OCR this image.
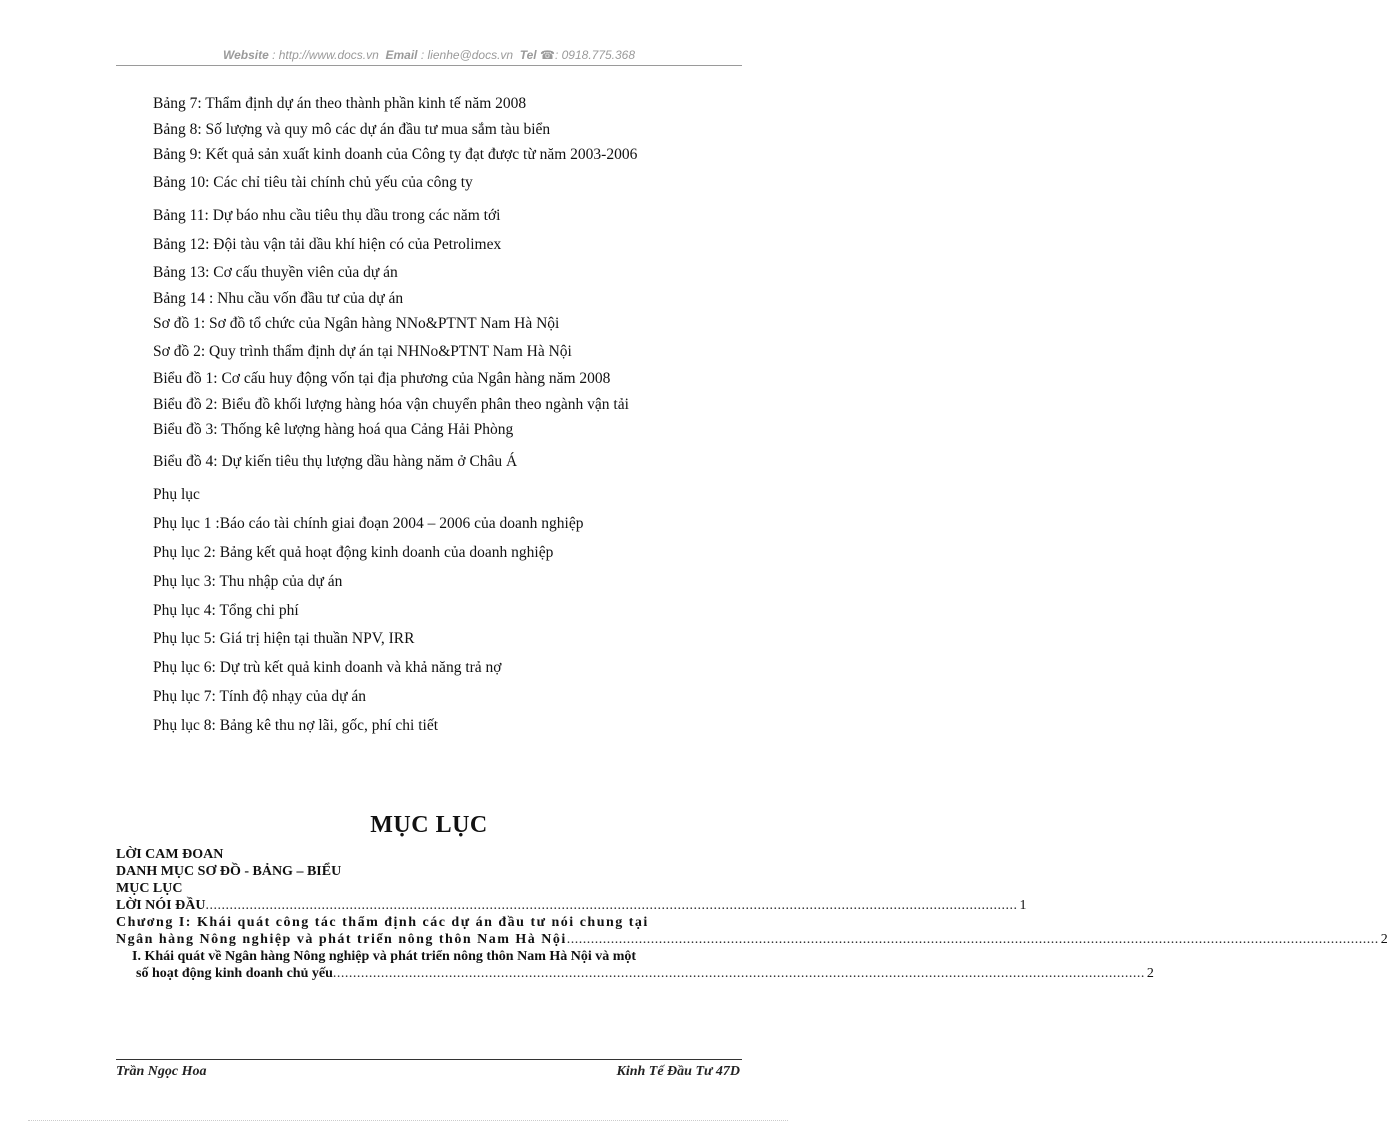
Website : http://www.docs.vn Email : lienhe@docs.vn Tel ☎: 0918.775.368
Bảng 7: Thẩm định dự án theo thành phần kinh tế năm 2008
Bảng 8: Số lượng và quy mô các dự án đầu tư mua sắm tàu biển
Bảng 9: Kết quả sản xuất kinh doanh của Công ty đạt được từ năm 2003-2006
Bảng 10: Các chỉ tiêu tài chính chủ yếu của công ty
Bảng 11: Dự báo nhu cầu tiêu thụ dầu trong các năm tới
Bảng 12: Đội tàu vận tải dầu khí hiện có của Petrolimex
Bảng 13: Cơ cấu thuyền viên của dự án
Bảng 14 : Nhu cầu vốn đầu tư của dự án
Sơ đồ 1: Sơ đồ tổ chức của Ngân hàng NNo&PTNT Nam Hà Nội
Sơ đồ 2: Quy trình thẩm định dự án tại NHNo&PTNT Nam Hà Nội
Biểu đồ 1: Cơ cấu huy động vốn tại địa phương của Ngân hàng năm 2008
Biểu đồ 2: Biểu đồ khối lượng hàng hóa vận chuyển phân theo ngành vận tải
Biểu đồ 3: Thống kê lượng hàng hoá qua Cảng Hải Phòng
Biểu đồ 4: Dự kiến tiêu thụ lượng dầu hàng năm ở Châu Á
Phụ lục
Phụ lục 1 :Báo cáo tài chính giai đoạn 2004 – 2006 của doanh nghiệp
Phụ lục 2: Bảng kết quả hoạt động kinh doanh của doanh nghiệp
Phụ lục 3: Thu nhập của dự án
Phụ lục 4: Tổng chi phí
Phụ lục 5: Giá trị hiện tại thuần NPV, IRR
Phụ lục 6: Dự trù kết quả kinh doanh và khả năng trả nợ
Phụ lục 7: Tính độ nhạy của dự án
Phụ lục 8: Bảng kê thu nợ lãi, gốc, phí chi tiết
MỤC LỤC
LỜI CAM ĐOAN
DANH MỤC SƠ ĐỒ - BẢNG – BIỂU
MỤC LỤC
LỜI NÓI ĐẦU ........................................................................................................................................................................................................... 1
Chương I: Khái quát công tác thẩm định các dự án đầu tư nói chung tại
Ngân hàng Nông nghiệp và phát triển nông thôn Nam Hà Nội ........................................................................................................................................................................................................... 2
I. Khái quát về Ngân hàng Nông nghiệp và phát triển nông thôn Nam Hà Nội và một
số hoạt động kinh doanh chủ yếu ........................................................................................................................................................................................................... 2
Trần Ngọc Hoa	Kinh Tế Đầu Tư 47D
